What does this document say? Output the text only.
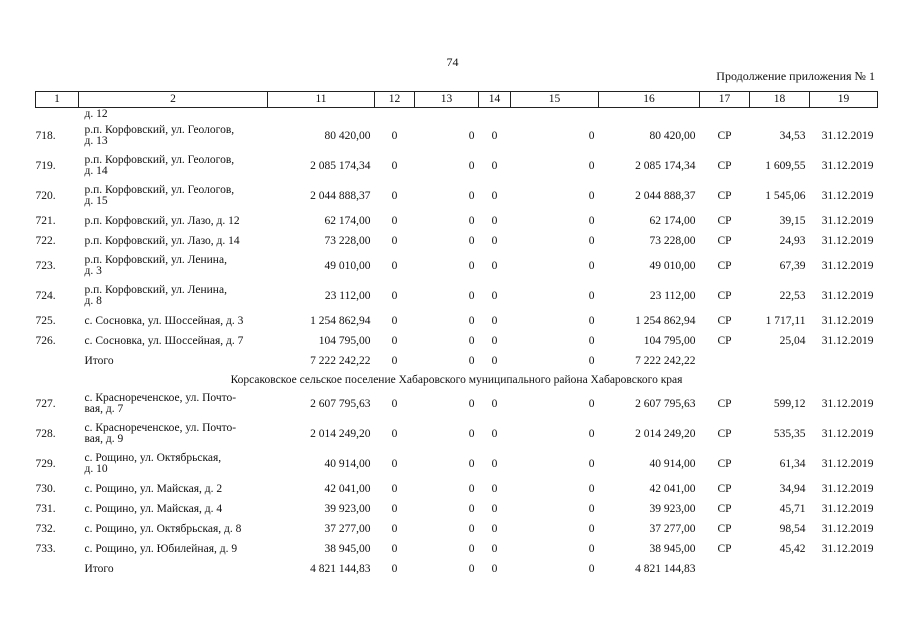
74
Продолжение приложения № 1
1	2	11	12	13	14	15	16	17	18	19
	д. 12									
718.	р.п. Корфовский, ул. Геологов,
д. 13	80 420,00	0	0	0	0	80 420,00	СР	34,53	31.12.2019
719.	р.п. Корфовский, ул. Геологов,
д. 14	2 085 174,34	0	0	0	0	2 085 174,34	СР	1 609,55	31.12.2019
720.	р.п. Корфовский, ул. Геологов,
д. 15	2 044 888,37	0	0	0	0	2 044 888,37	СР	1 545,06	31.12.2019
721.	р.п. Корфовский, ул. Лазо, д. 12	62 174,00	0	0	0	0	62 174,00	СР	39,15	31.12.2019
722.	р.п. Корфовский, ул. Лазо, д. 14	73 228,00	0	0	0	0	73 228,00	СР	24,93	31.12.2019
723.	р.п. Корфовский, ул. Ленина,
д. 3	49 010,00	0	0	0	0	49 010,00	СР	67,39	31.12.2019
724.	р.п. Корфовский, ул. Ленина,
д. 8	23 112,00	0	0	0	0	23 112,00	СР	22,53	31.12.2019
725.	с. Сосновка, ул. Шоссейная, д. 3	1 254 862,94	0	0	0	0	1 254 862,94	СР	1 717,11	31.12.2019
726.	с. Сосновка, ул. Шоссейная, д. 7	104 795,00	0	0	0	0	104 795,00	СР	25,04	31.12.2019
	Итого	7 222 242,22	0	0	0	0	7 222 242,22			
Корсаковское сельское поселение Хабаровского муниципального района Хабаровского края										
727.	с. Краснореченское, ул. Почто-
вая, д. 7	2 607 795,63	0	0	0	0	2 607 795,63	СР	599,12	31.12.2019
728.	с. Краснореченское, ул. Почто-
вая, д. 9	2 014 249,20	0	0	0	0	2 014 249,20	СР	535,35	31.12.2019
729.	с. Рощино, ул. Октябрьская,
д. 10	40 914,00	0	0	0	0	40 914,00	СР	61,34	31.12.2019
730.	с. Рощино, ул. Майская, д. 2	42 041,00	0	0	0	0	42 041,00	СР	34,94	31.12.2019
731.	с. Рощино, ул. Майская, д. 4	39 923,00	0	0	0	0	39 923,00	СР	45,71	31.12.2019
732.	с. Рощино, ул. Октябрьская, д. 8	37 277,00	0	0	0	0	37 277,00	СР	98,54	31.12.2019
733.	с. Рощино, ул. Юбилейная, д. 9	38 945,00	0	0	0	0	38 945,00	СР	45,42	31.12.2019
	Итого	4 821 144,83	0	0	0	0	4 821 144,83			
